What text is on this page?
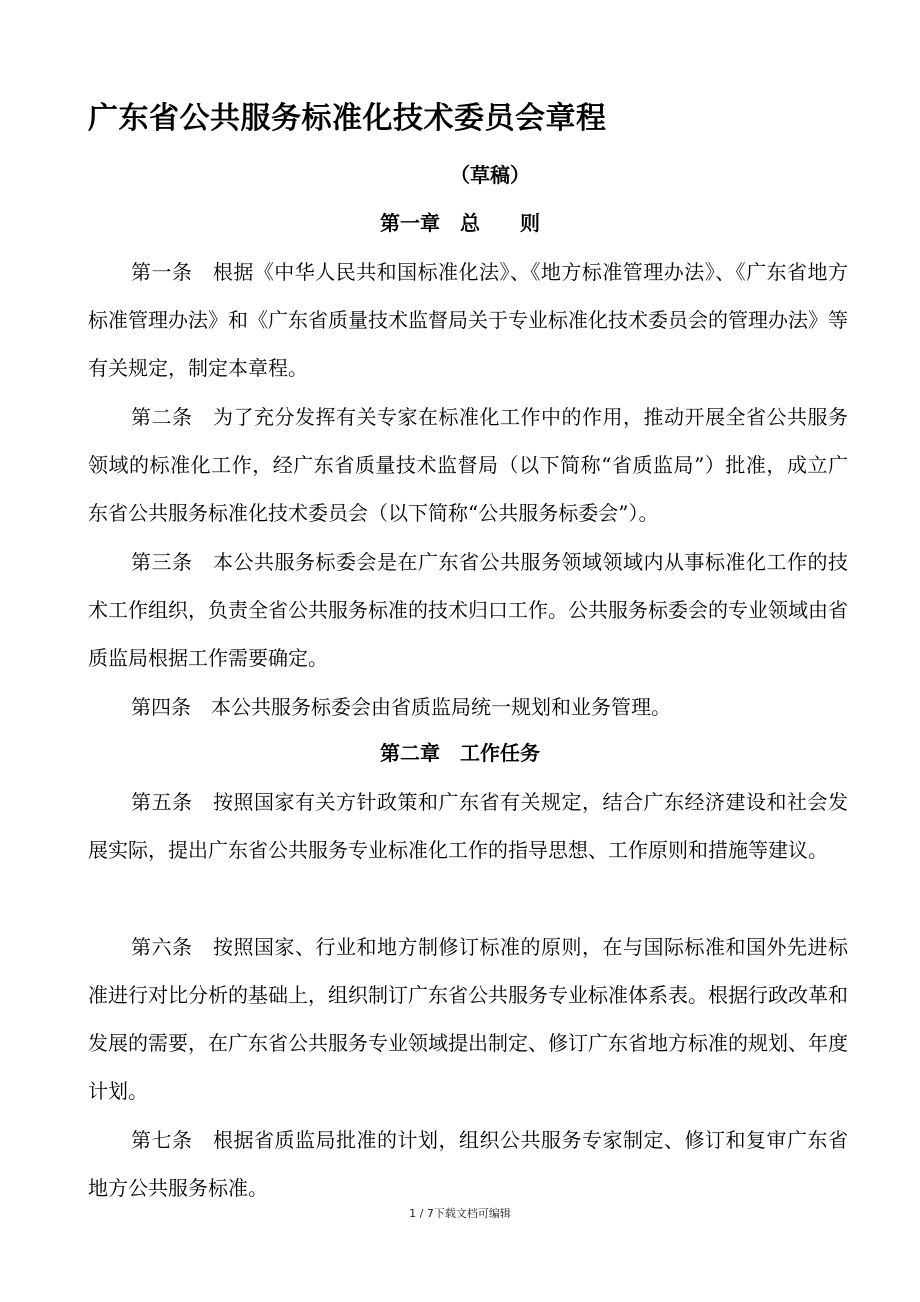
广东省公共服务标准化技术委员会章程
（草稿）
第一章　总　　则

第一条　根据《中华人民共和国标准化法》、《地方标准管理办法》、《广东省地方标准管理办法》和《广东省质量技术监督局关于专业标准化技术委员会的管理办法》等有关规定，制定本章程。

第二条　为了充分发挥有关专家在标准化工作中的作用，推动开展全省公共服务领域的标准化工作，经广东省质量技术监督局（以下简称“省质监局”）批准，成立广东省公共服务标准化技术委员会（以下简称“公共服务标委会”）。

第三条　本公共服务标委会是在广东省公共服务领域领域内从事标准化工作的技术工作组织，负责全省公共服务标准的技术归口工作。公共服务标委会的专业领域由省质监局根据工作需要确定。

第四条　本公共服务标委会由省质监局统一规划和业务管理。

第二章　工作任务

第五条　按照国家有关方针政策和广东省有关规定，结合广东经济建设和社会发展实际，提出广东省公共服务专业标准化工作的指导思想、工作原则和措施等建议。

第六条　按照国家、行业和地方制修订标准的原则，在与国际标准和国外先进标准进行对比分析的基础上，组织制订广东省公共服务专业标准体系表。根据行政改革和发展的需要，在广东省公共服务专业领域提出制定、修订广东省地方标准的规划、年度计划。

第七条　根据省质监局批准的计划，组织公共服务专家制定、修订和复审广东省地方公共服务标准。

1 / 7下载文档可编辑
